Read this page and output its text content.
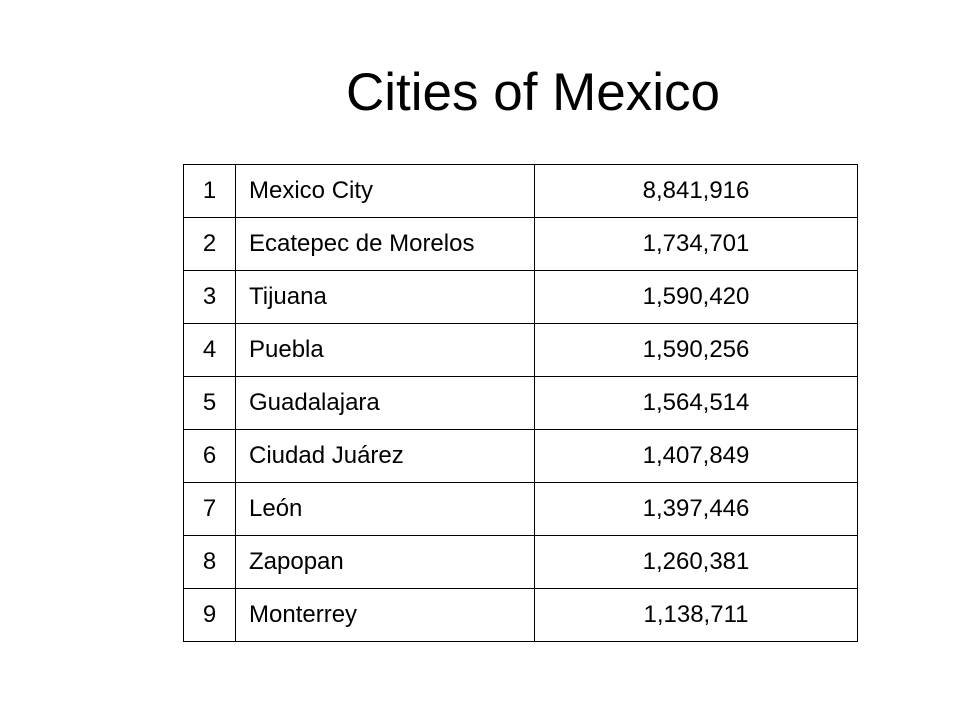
Cities of Mexico
1	Mexico City	8,841,916
2	Ecatepec de Morelos	1,734,701
3	Tijuana	1,590,420
4	Puebla	1,590,256
5	Guadalajara	1,564,514
6	Ciudad Juárez	1,407,849
7	León	1,397,446
8	Zapopan	1,260,381
9	Monterrey	1,138,711
